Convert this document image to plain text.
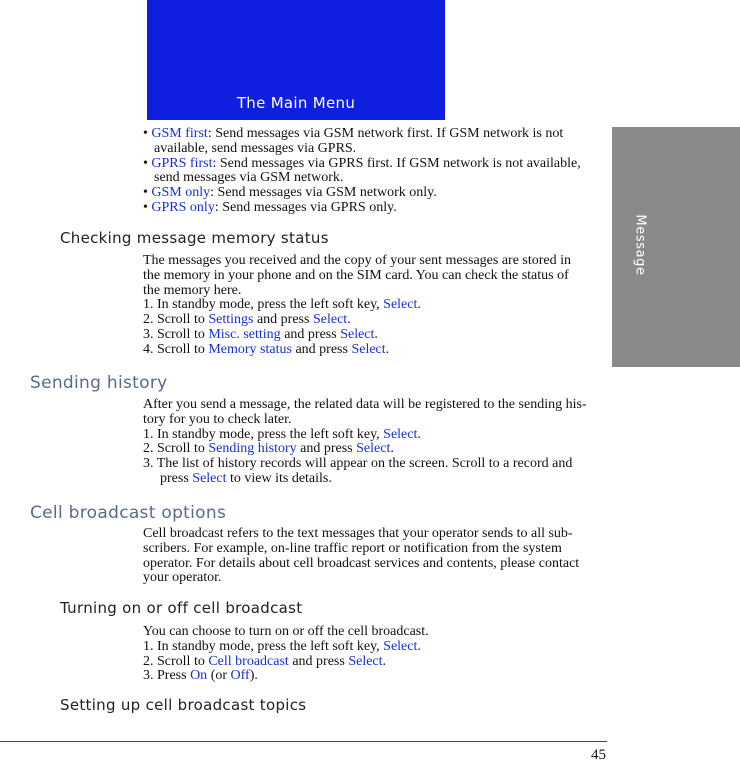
The Main Menu
Message
• GSM first: Send messages via GSM network first. If GSM network is not
available, send messages via GPRS.
• GPRS first: Send messages via GPRS first. If GSM network is not available,
send messages via GSM network.
• GSM only: Send messages via GSM network only.
• GPRS only: Send messages via GPRS only.
Checking message memory status
The messages you received and the copy of your sent messages are stored in
the memory in your phone and on the SIM card. You can check the status of
the memory here.
1. In standby mode, press the left soft key, Select.
2. Scroll to Settings and press Select.
3. Scroll to Misc. setting and press Select.
4. Scroll to Memory status and press Select.
Sending history
After you send a message, the related data will be registered to the sending his-
tory for you to check later.
1. In standby mode, press the left soft key, Select.
2. Scroll to Sending history and press Select.
3. The list of history records will appear on the screen. Scroll to a record and
press Select to view its details.
Cell broadcast options
Cell broadcast refers to the text messages that your operator sends to all sub-
scribers. For example, on-line traffic report or notification from the system
operator. For details about cell broadcast services and contents, please contact
your operator.
Turning on or off cell broadcast
You can choose to turn on or off the cell broadcast.
1. In standby mode, press the left soft key, Select.
2. Scroll to Cell broadcast and press Select.
3. Press On (or Off).
Setting up cell broadcast topics
45
